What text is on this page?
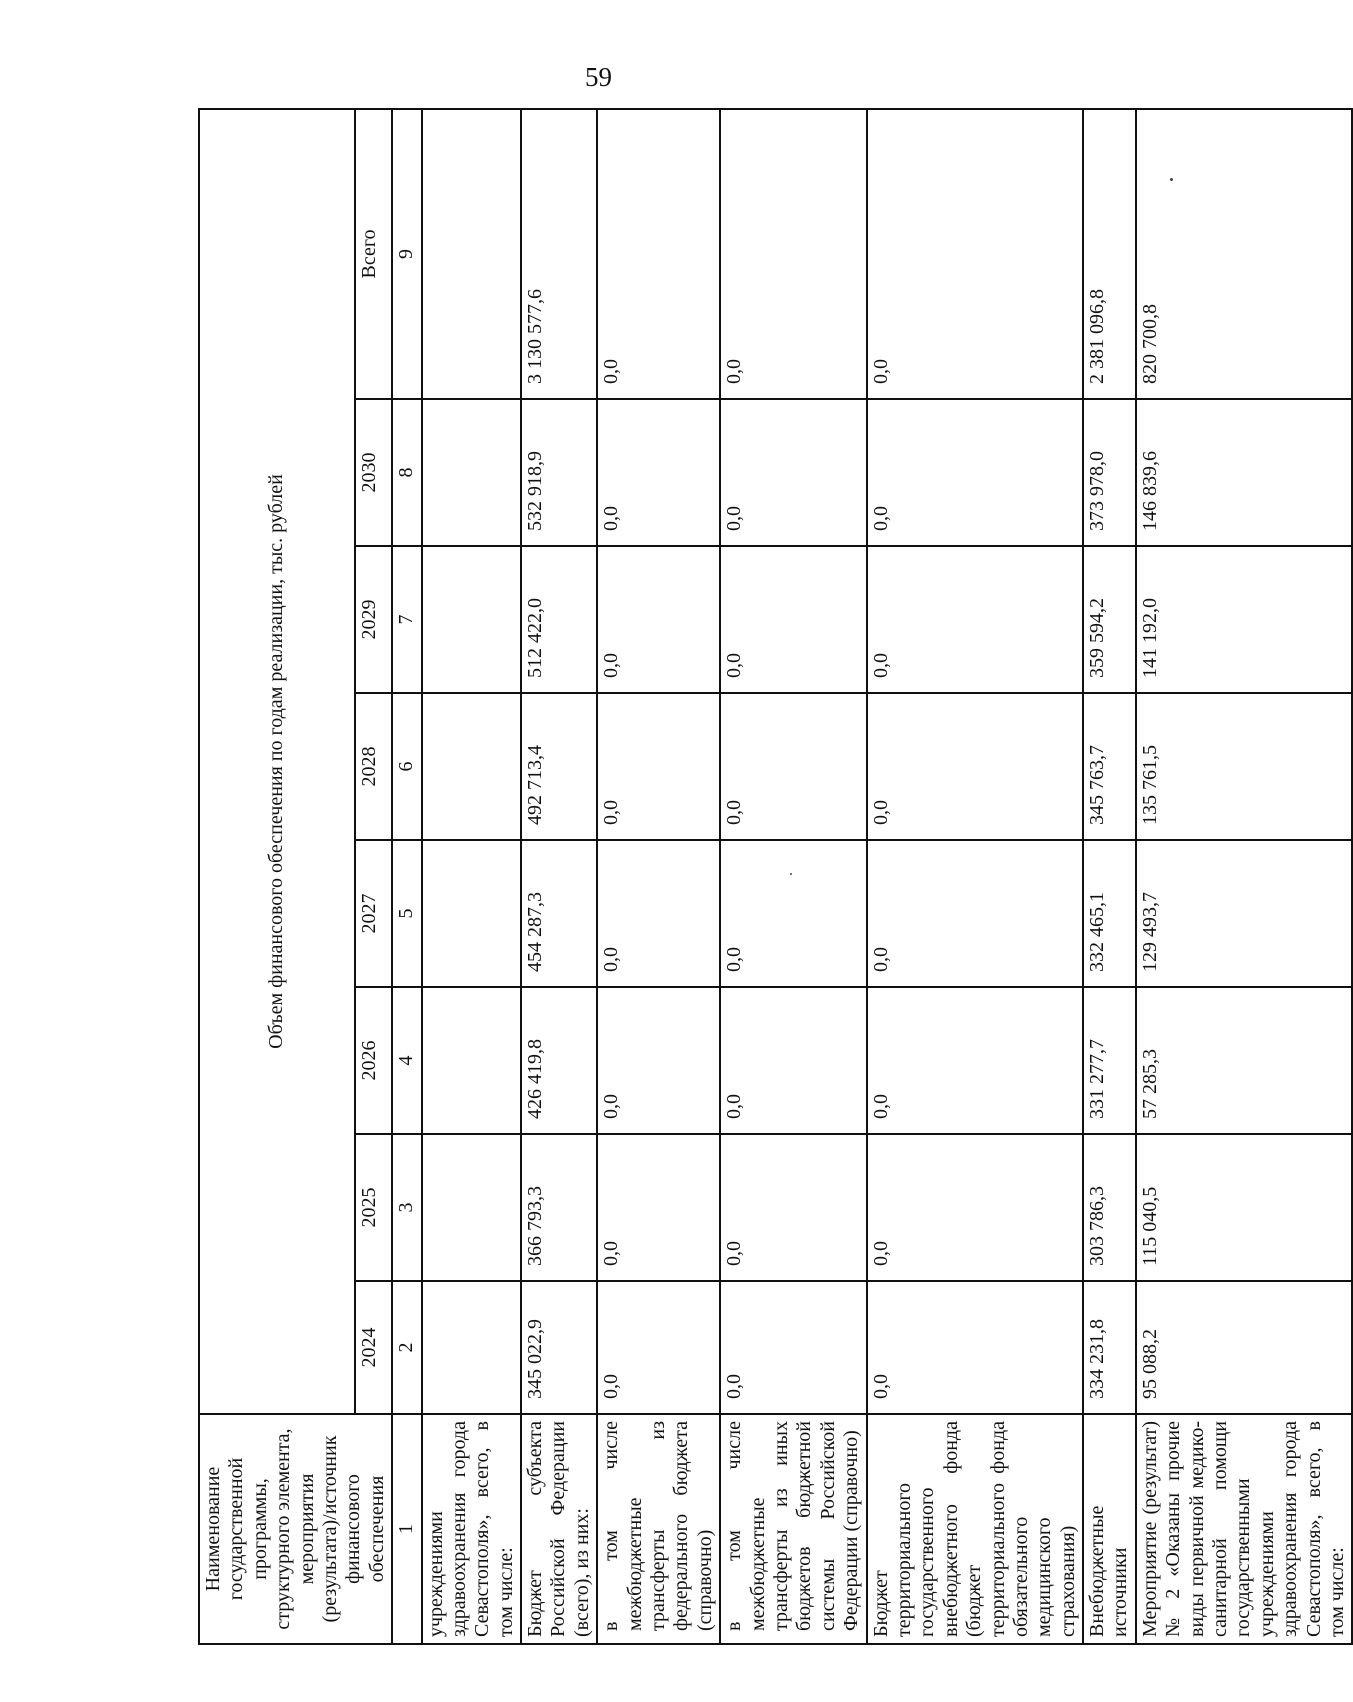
59
Наименование государственной программы, структурного элемента, мероприятия (результата)/источник финансового обеспечения	Объем финансового обеспечения по годам реализации, тыс. рублей							
	2024	2025	2026	2027	2028	2029	2030	Всего
1	2	3	4	5	6	7	8	9
учреждениями здравоохранения города Севастополя», всего, в том числе:								
Бюджет субъекта Российской Федерации (всего), из них:	345 022,9	366 793,3	426 419,8	454 287,3	492 713,4	512 422,0	532 918,9	3 130 577,6
в том числе межбюджетные трансферты из федерального бюджета (справочно)	0,0	0,0	0,0	0,0	0,0	0,0	0,0	0,0
в том числе межбюджетные трансферты из иных бюджетов бюджетной системы Российской Федерации (справочно)	0,0	0,0	0,0	0,0	0,0	0,0	0,0	0,0
Бюджет территориального государственного внебюджетного фонда (бюджет территориального фонда обязательного медицинского страхования)	0,0	0,0	0,0	0,0	0,0	0,0	0,0	0,0
Внебюджетные источники	334 231,8	303 786,3	331 277,7	332 465,1	345 763,7	359 594,2	373 978,0	2 381 096,8
Мероприятие (результат) № 2 «Оказаны прочие виды первичной медико-санитарной помощи государственными учреждениями здравоохранения города Севастополя», всего, в том числе:	95 088,2	115 040,5	57 285,3	129 493,7	135 761,5	141 192,0	146 839,6	820 700,8
